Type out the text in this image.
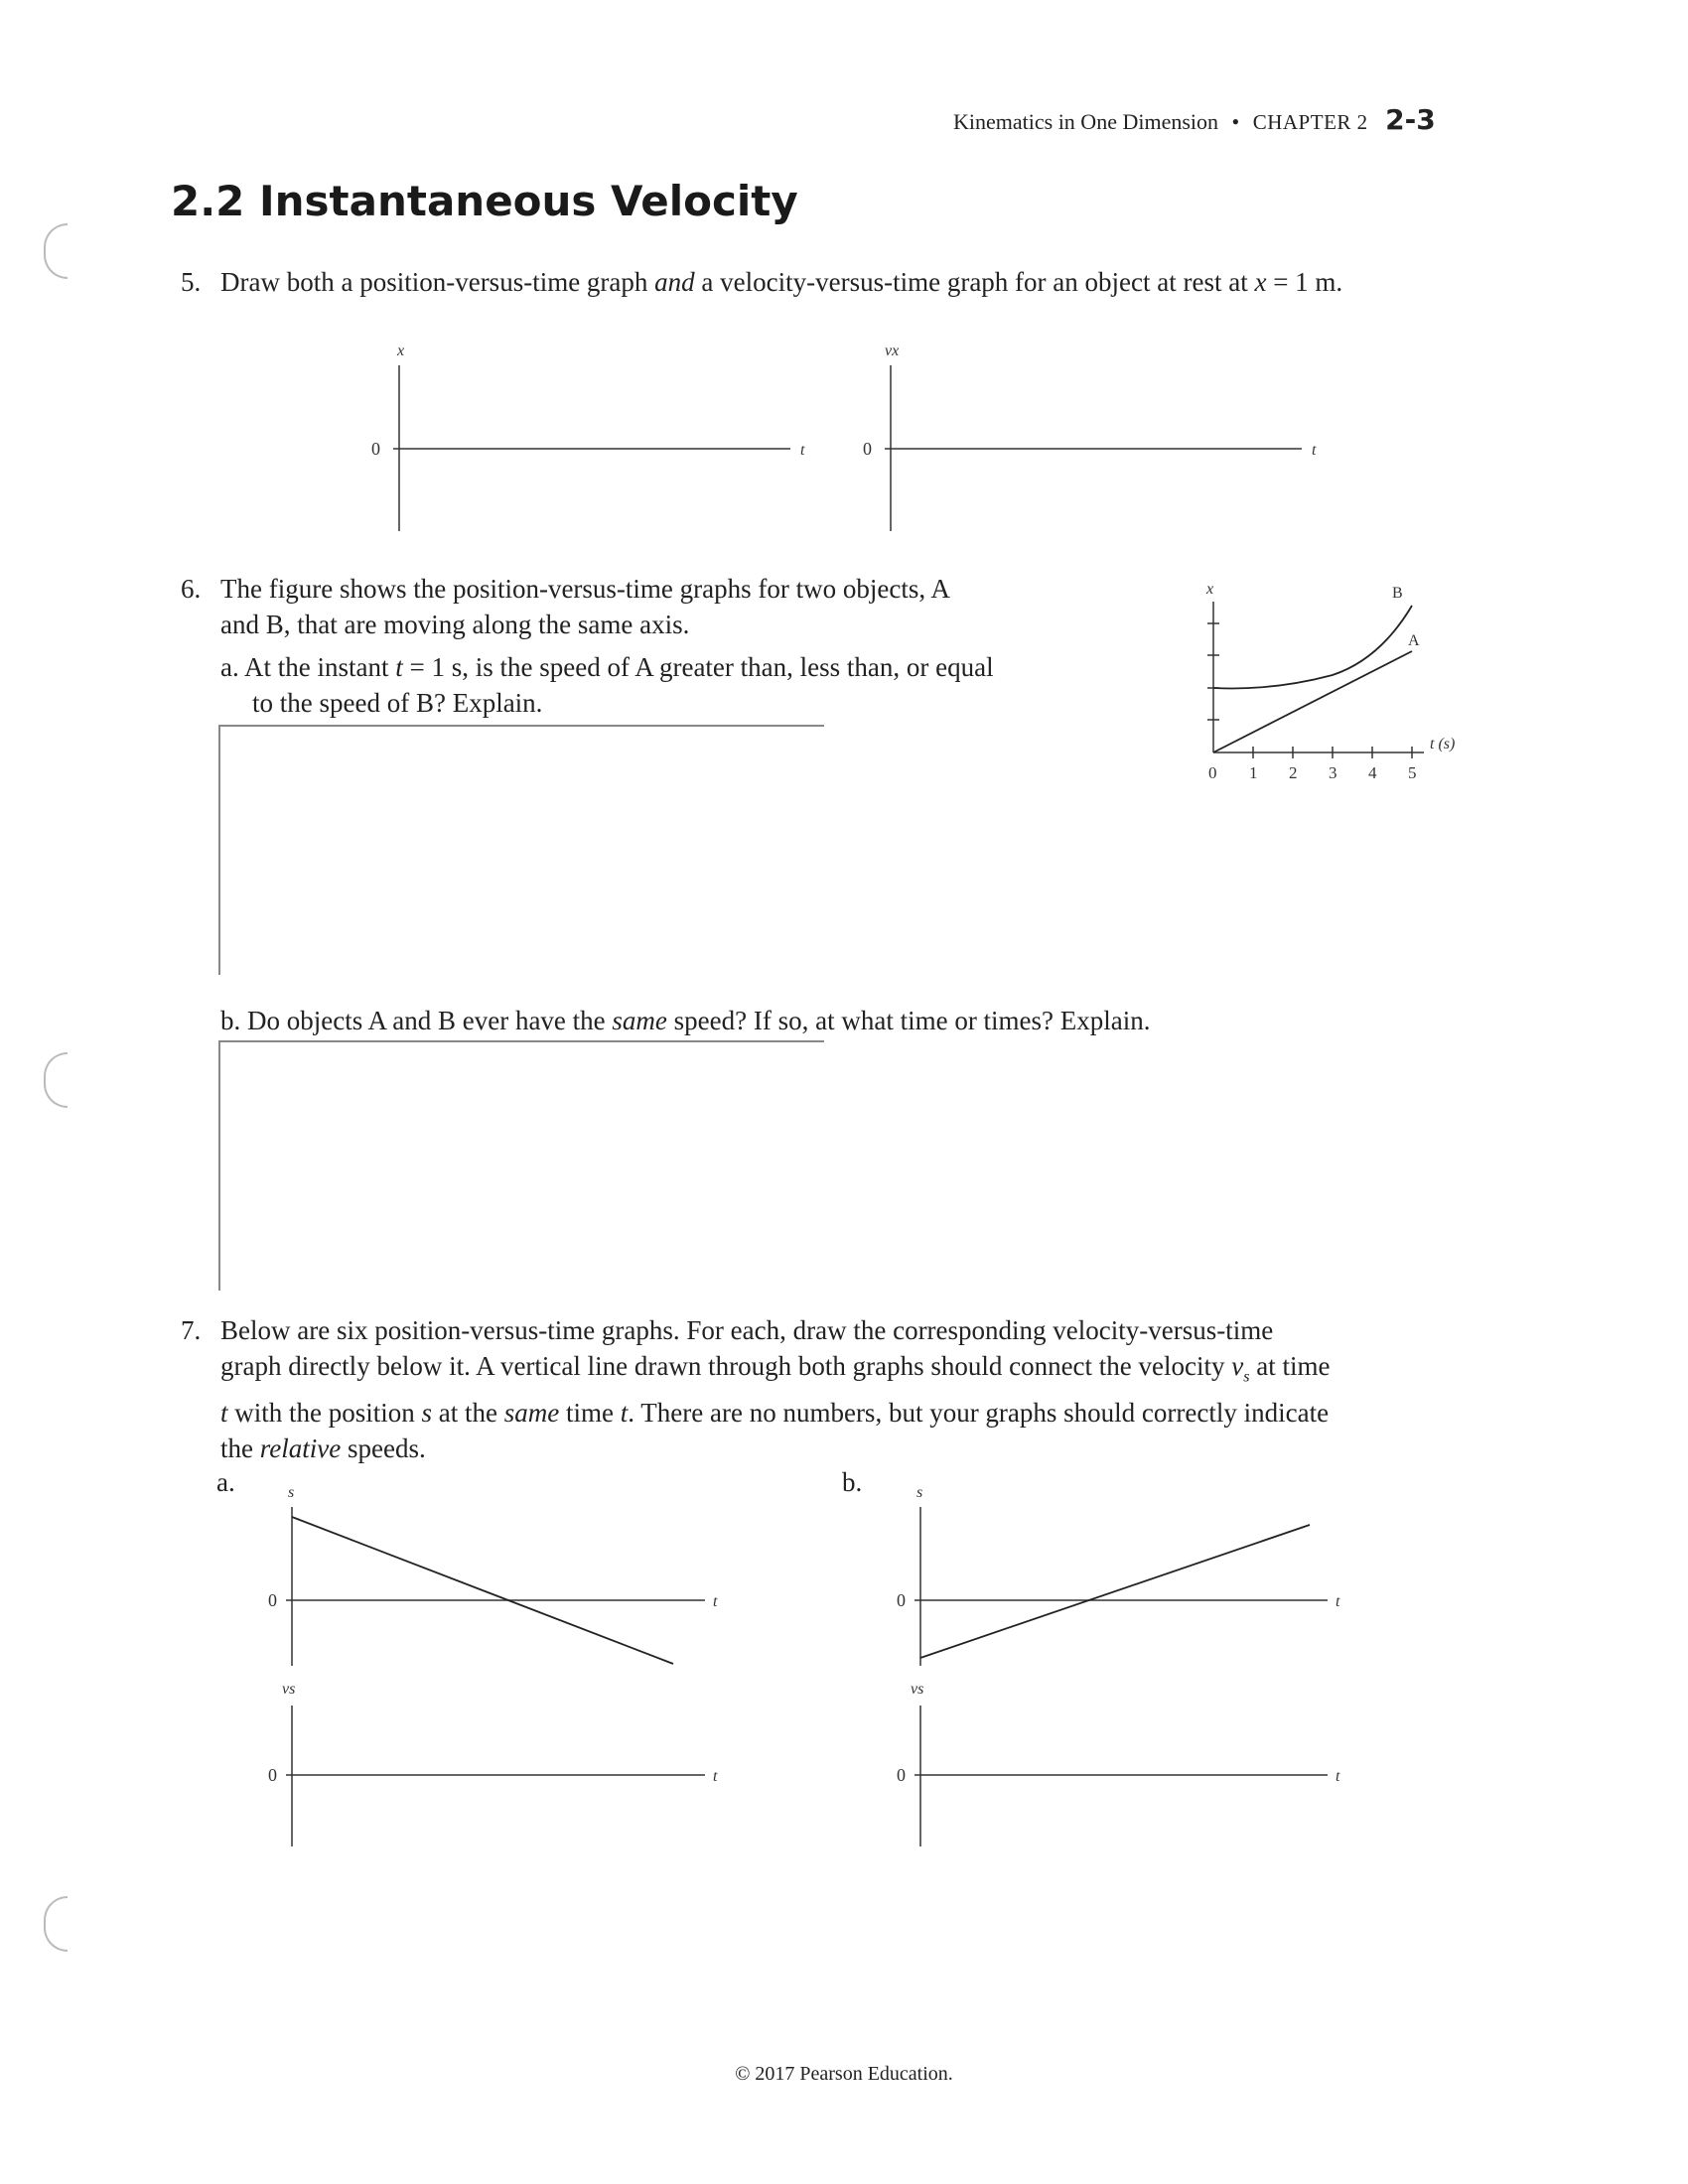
Kinematics in One Dimension • CHAPTER 2 2-3
2.2 Instantaneous Velocity
5. Draw both a position-versus-time graph and a velocity-versus-time graph for an object at rest at x = 1 m.
x
0	t
vx
0	t
6. The figure shows the position-versus-time graphs for two objects, A
and B, that are moving along the same axis.
a. At the instant t = 1 s, is the speed of A greater than, less than, or equal
to the speed of B? Explain.
b. Do objects A and B ever have the same speed? If so, at what time or times? Explain.
x
A
B
t (s)
0 1 2 3 4 5
7. Below are six position-versus-time graphs. For each, draw the corresponding velocity-versus-time
graph directly below it. A vertical line drawn through both graphs should connect the velocity $v_s$ at time
t with the position s at the same time t. There are no numbers, but your graphs should correctly indicate
the relative speeds.
a.	s
0	t
vs
0	t
b.	s
0	t
vs
0	t
© 2017 Pearson Education.
